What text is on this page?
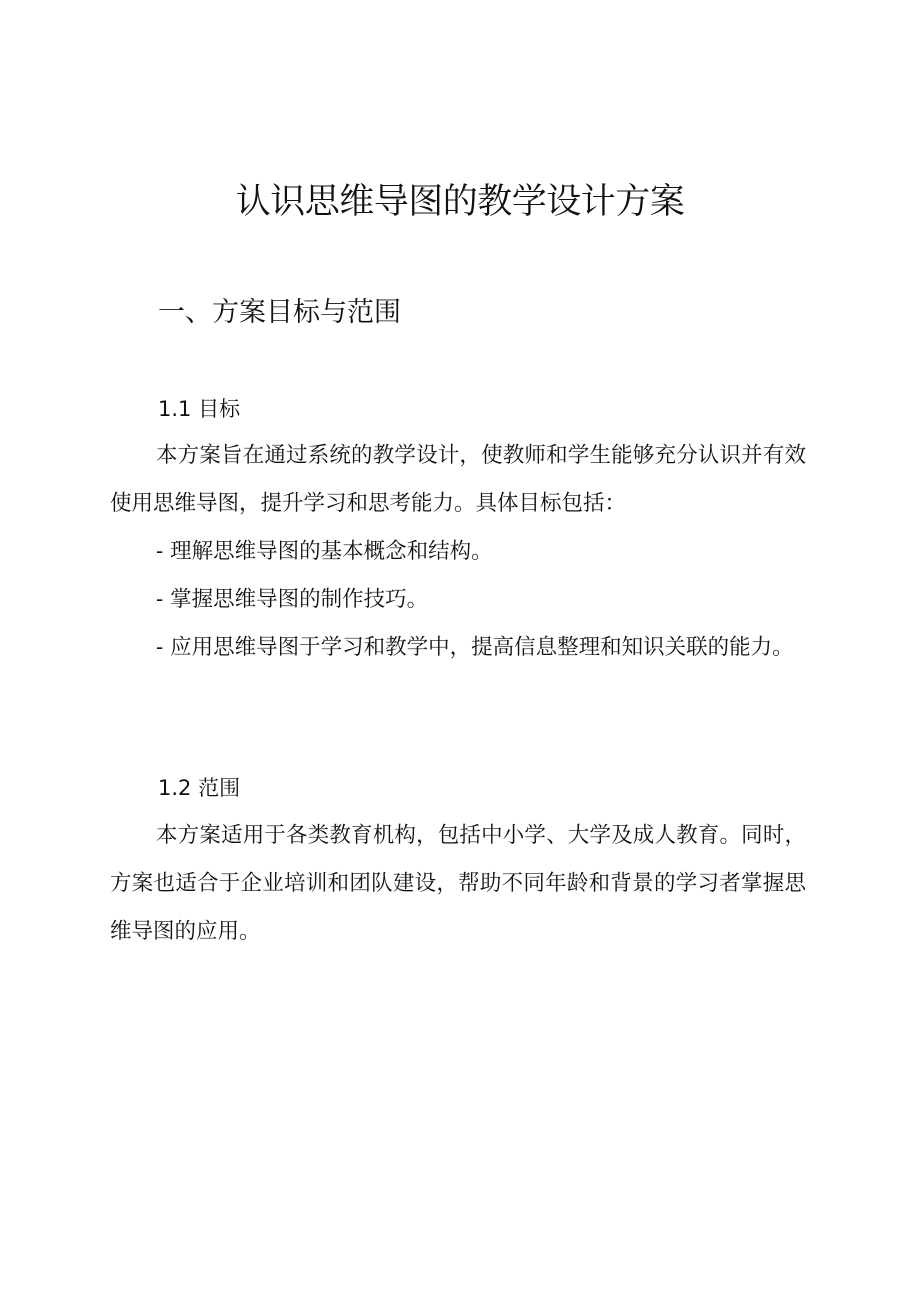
认识思维导图的教学设计方案
一、方案目标与范围
1.1 目标

本方案旨在通过系统的教学设计，使教师和学生能够充分认识并有效使用思维导图，提升学习和思考能力。具体目标包括：

- 理解思维导图的基本概念和结构。

- 掌握思维导图的制作技巧。

- 应用思维导图于学习和教学中，提高信息整理和知识关联的能力。

1.2 范围

本方案适用于各类教育机构，包括中小学、大学及成人教育。同时，方案也适合于企业培训和团队建设，帮助不同年龄和背景的学习者掌握思维导图的应用。
